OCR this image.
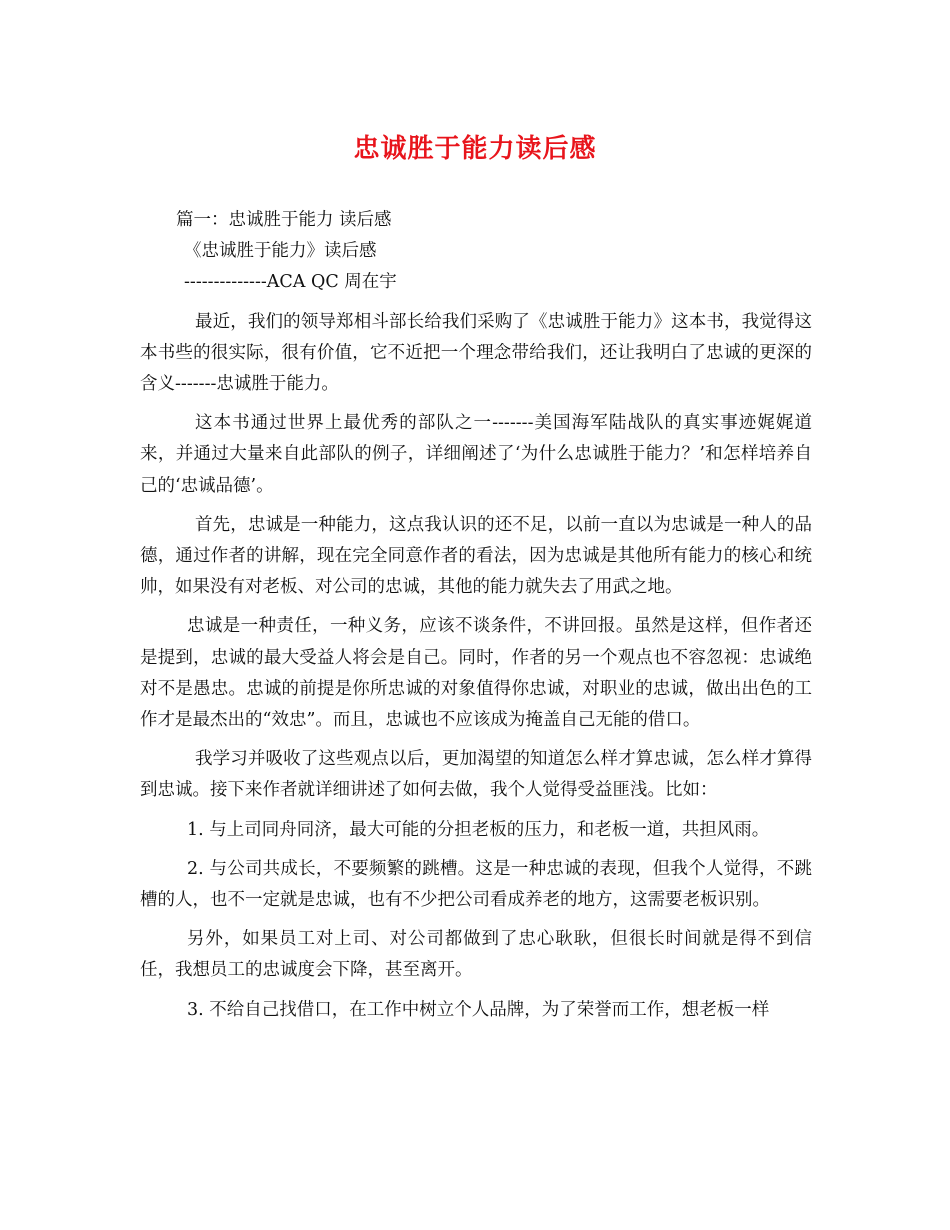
忠诚胜于能力读后感

篇一：忠诚胜于能力 读后感

《忠诚胜于能力》读后感

--------------ACA QC 周在宇

最近，我们的领导郑相斗部长给我们采购了《忠诚胜于能力》这本书，我觉得这本书些的很实际，很有价值，它不近把一个理念带给我们，还让我明白了忠诚的更深的含义-------忠诚胜于能力。

这本书通过世界上最优秀的部队之一-------美国海军陆战队的真实事迹娓娓道来，并通过大量来自此部队的例子，详细阐述了‘为什么忠诚胜于能力？’和怎样培养自己的‘忠诚品德’。

首先，忠诚是一种能力，这点我认识的还不足，以前一直以为忠诚是一种人的品德，通过作者的讲解，现在完全同意作者的看法，因为忠诚是其他所有能力的核心和统帅，如果没有对老板、对公司的忠诚，其他的能力就失去了用武之地。

忠诚是一种责任，一种义务，应该不谈条件，不讲回报。虽然是这样，但作者还是提到，忠诚的最大受益人将会是自己。同时，作者的另一个观点也不容忽视：忠诚绝对不是愚忠。忠诚的前提是你所忠诚的对象值得你忠诚，对职业的忠诚，做出出色的工作才是最杰出的“效忠”。而且，忠诚也不应该成为掩盖自己无能的借口。

我学习并吸收了这些观点以后，更加渴望的知道怎么样才算忠诚，怎么样才算得到忠诚。接下来作者就详细讲述了如何去做，我个人觉得受益匪浅。比如：

1. 与上司同舟同济，最大可能的分担老板的压力，和老板一道，共担风雨。

2. 与公司共成长，不要频繁的跳槽。这是一种忠诚的表现，但我个人觉得，不跳槽的人，也不一定就是忠诚，也有不少把公司看成养老的地方，这需要老板识别。

另外，如果员工对上司、对公司都做到了忠心耿耿，但很长时间就是得不到信任，我想员工的忠诚度会下降，甚至离开。

3. 不给自己找借口，在工作中树立个人品牌，为了荣誉而工作，想老板一样
